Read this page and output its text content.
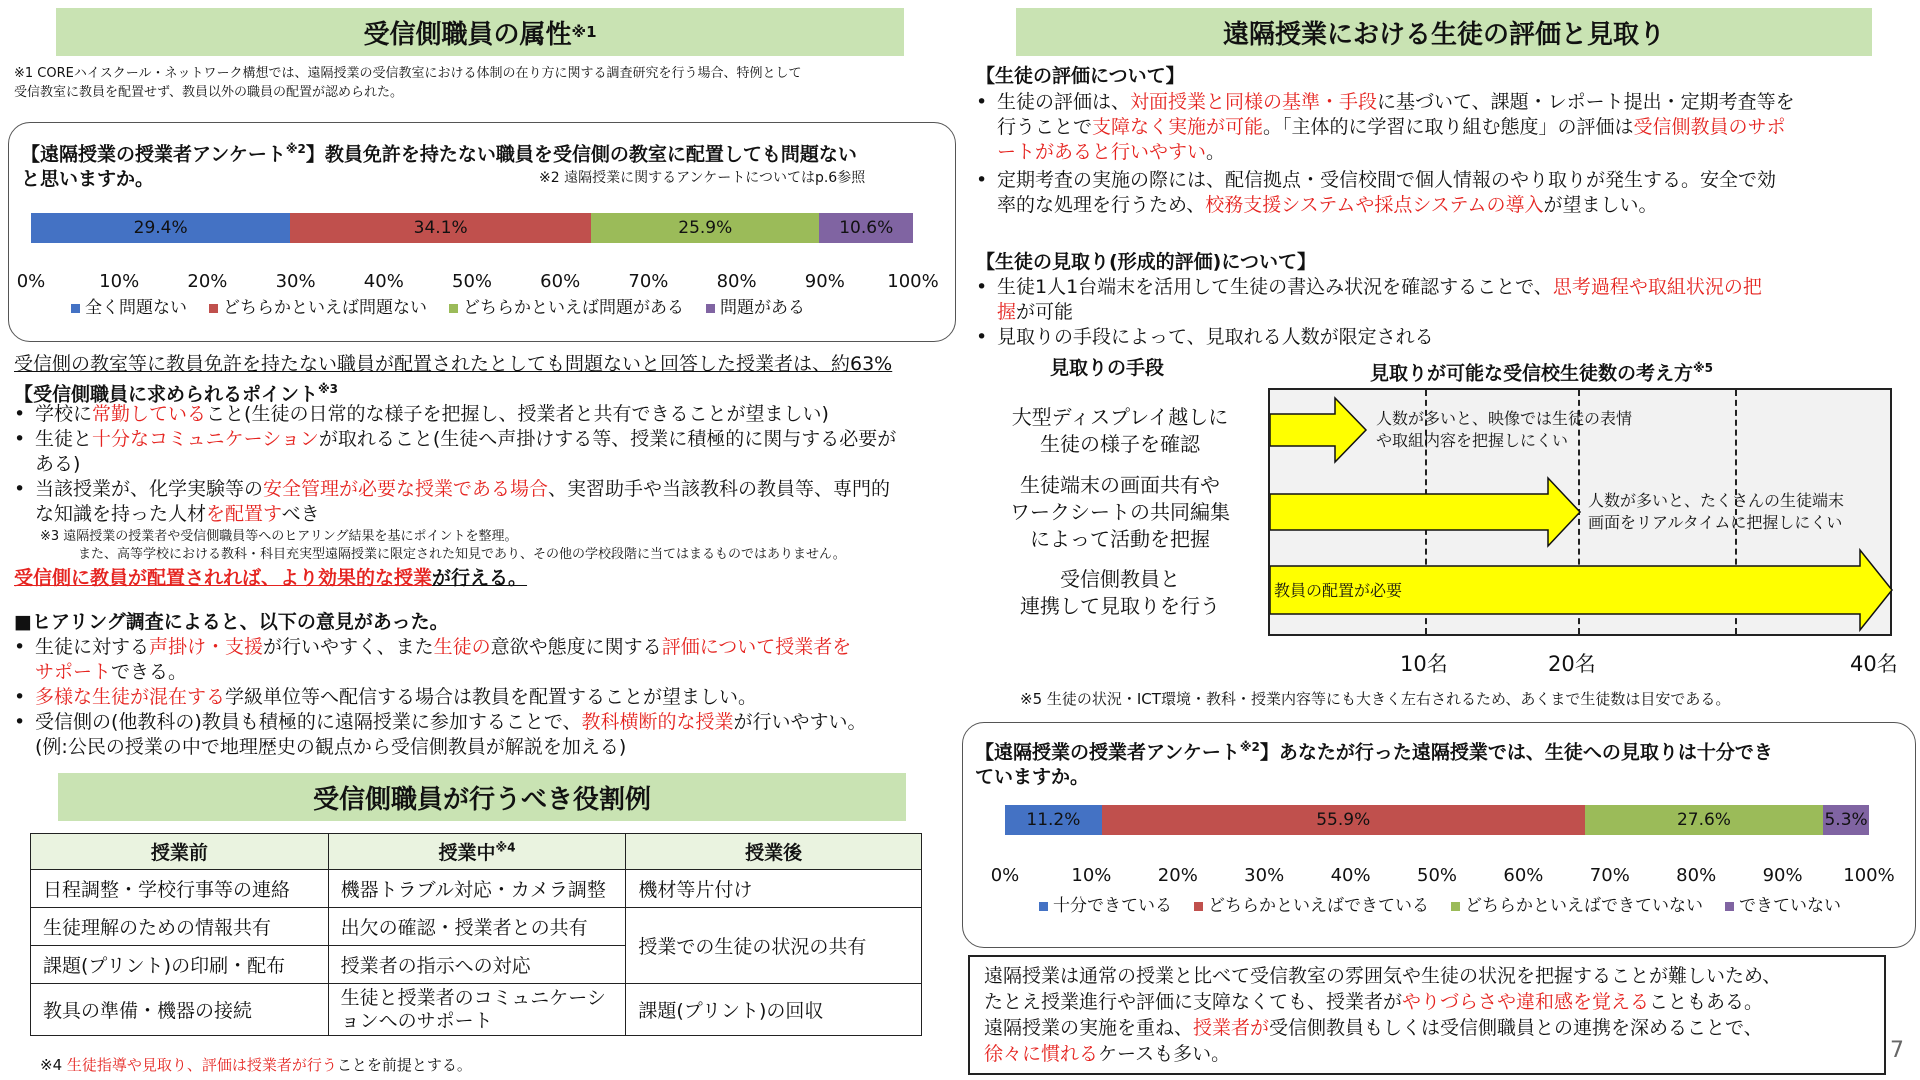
受信側職員の属性 ※1
※1 COREハイスクール・ネットワーク構想では、遠隔授業の受信教室における体制の在り方に関する調査研究を行う場合、特例として
受信教室に教員を配置せず、教員以外の職員の配置が認められた。
【遠隔授業の授業者アンケート$^{※2}$】教員免許を持たない職員を受信側の教室に配置しても問題ない
と思いますか。	※2 遠隔授業に関するアンケートについてはp.6参照
29.4%	34.1%	25.9%	10.6%
0%	10%	20%	30%	40%	50%	60%	70%	80%	90% 100%
全く問題ない	どちらかといえば問題ない	どちらかといえば問題がある	問題がある
受信側の教室等に教員免許を持たない職員が配置されたとしても問題ないと回答した授業者は、約63%
【受信側職員に求められるポイント$^{※3}$
• 学校に常勤していること(生徒の日常的な様子を把握し、授業者と共有できることが望ましい)
• 生徒と十分なコミュニケーションが取れること(生徒へ声掛けする等、授業に積極的に関与する必要が
ある)
• 当該授業が、化学実験等の安全管理が必要な授業である場合、実習助手や当該教科の教員等、専門的
な知識を持った人材を配置すべき
※3 遠隔授業の授業者や受信側職員等へのヒアリング結果を基にポイントを整理。
また、高等学校における教科・科目充実型遠隔授業に限定された知見であり、その他の学校段階に当てはまるものではありません。
受信側に教員が配置されれば、より効果的な授業が行える。
■ヒアリング調査によると、以下の意見があった。
• 生徒に対する声掛け・支援が行いやすく、また生徒の意欲や態度に関する評価について授業者を
サポートできる。
• 多様な生徒が混在する学級単位等へ配信する場合は教員を配置することが望ましい。
• 受信側の(他教科の)教員も積極的に遠隔授業に参加することで、教科横断的な授業が行いやすい。
(例:公民の授業の中で地理歴史の観点から受信側教員が解説を加える)
受信側職員が行うべき役割例
授業前	授業中$^{※4}$	授業後
日程調整・学校行事等の連絡	機器トラブル対応・カメラ調整	機材等片付け
生徒理解のための情報共有	出欠の確認・授業者との共有	授業での生徒の状況の共有
課題(プリント)の印刷・配布	授業者の指示への対応	
教具の準備・機器の接続	生徒と授業者のコミュニケーシ
ョンへのサポート	課題(プリント)の回収
※4 生徒指導や見取り、評価は授業者が行うことを前提とする。
遠隔授業における生徒の評価と見取り
【生徒の評価について】
• 生徒の評価は、対面授業と同様の基準・手段に基づいて、課題・レポート提出・定期考査等を
行うことで支障なく実施が可能。「主体的に学習に取り組む態度」の評価は受信側教員のサポ
ートがあると行いやすい。
• 定期考査の実施の際には、配信拠点・受信校間で個人情報のやり取りが発生する。安全で効
率的な処理を行うため、校務支援システムや採点システムの導入が望ましい。
【生徒の見取り(形成的評価)について】
• 生徒1人1台端末を活用して生徒の書込み状況を確認することで、思考過程や取組状況の把
握が可能
• 見取りの手段によって、見取れる人数が限定される
見取りの手段	見取りが可能な受信校生徒数の考え方$^{※5}$
大型ディスプレイ越しに
生徒の様子を確認
生徒端末の画面共有や
ワークシートの共同編集
によって活動を把握
受信側教員と
連携して見取りを行う
人数が多いと、映像では生徒の表情
や取組内容を把握しにくい
人数が多いと、たくさんの生徒端末
画面をリアルタイムに把握しにくい
教員の配置が必要
10名	20名	40名
※5 生徒の状況・ICT環境・教科・授業内容等にも大きく左右されるため、あくまで生徒数は目安である。
【遠隔授業の授業者アンケート$^{※2}$】あなたが行った遠隔授業では、生徒への見取りは十分でき
ていますか。
11.2%	55.9%	27.6%	5.3%
0%	10%	20%	30%	40%	50%	60%	70%	80%	90% 100%
十分できている	どちらかといえばできている	どちらかといえばできていない	できていない
遠隔授業は通常の授業と比べて受信教室の雰囲気や生徒の状況を把握することが難しいため、
たとえ授業進行や評価に支障なくても、授業者がやりづらさや違和感を覚えることもある。
遠隔授業の実施を重ね、授業者が受信側教員もしくは受信側職員との連携を深めることで、
徐々に慣れるケースも多い。	7
